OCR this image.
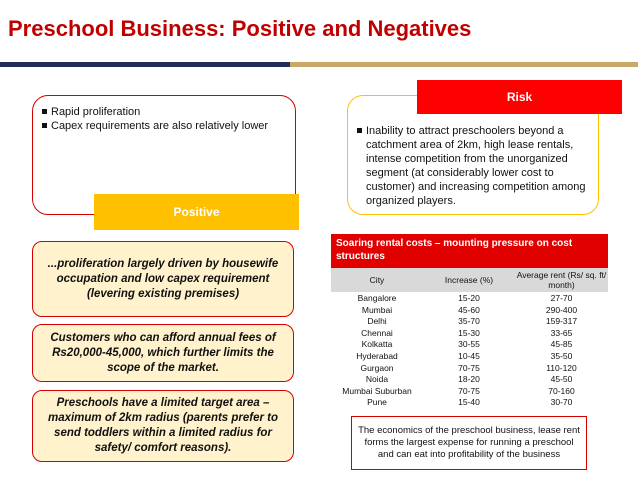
Preschool Business: Positive and Negatives
Rapid proliferation
Capex requirements are also relatively lower
Positive
Risk
Inability to attract preschoolers beyond a catchment area of 2km, high lease rentals, intense competition from the unorganized segment (at considerably lower cost to customer) and increasing competition among organized players.
...proliferation largely driven by housewife occupation and low capex requirement (levering existing premises)
Customers who can afford annual fees of Rs20,000-45,000, which further limits the scope of the market.
Preschools have a limited target area – maximum of 2km radius (parents prefer to send toddlers within a limited radius for safety/ comfort reasons).
Soaring rental costs – mounting pressure on cost structures
City	Increase (%)	Average rent (Rs/ sq. ft/ month)
Bangalore	15-20	27-70
Mumbai	45-60	290-400
Delhi	35-70	159-317
Chennai	15-30	33-65
Kolkatta	30-55	45-85
Hyderabad	10-45	35-50
Gurgaon	70-75	110-120
Noida	18-20	45-50
Mumbai Suburban	70-75	70-160
Pune	15-40	30-70
The economics of the preschool business, lease rent forms the largest expense for running a preschool and can eat into profitability of the business
